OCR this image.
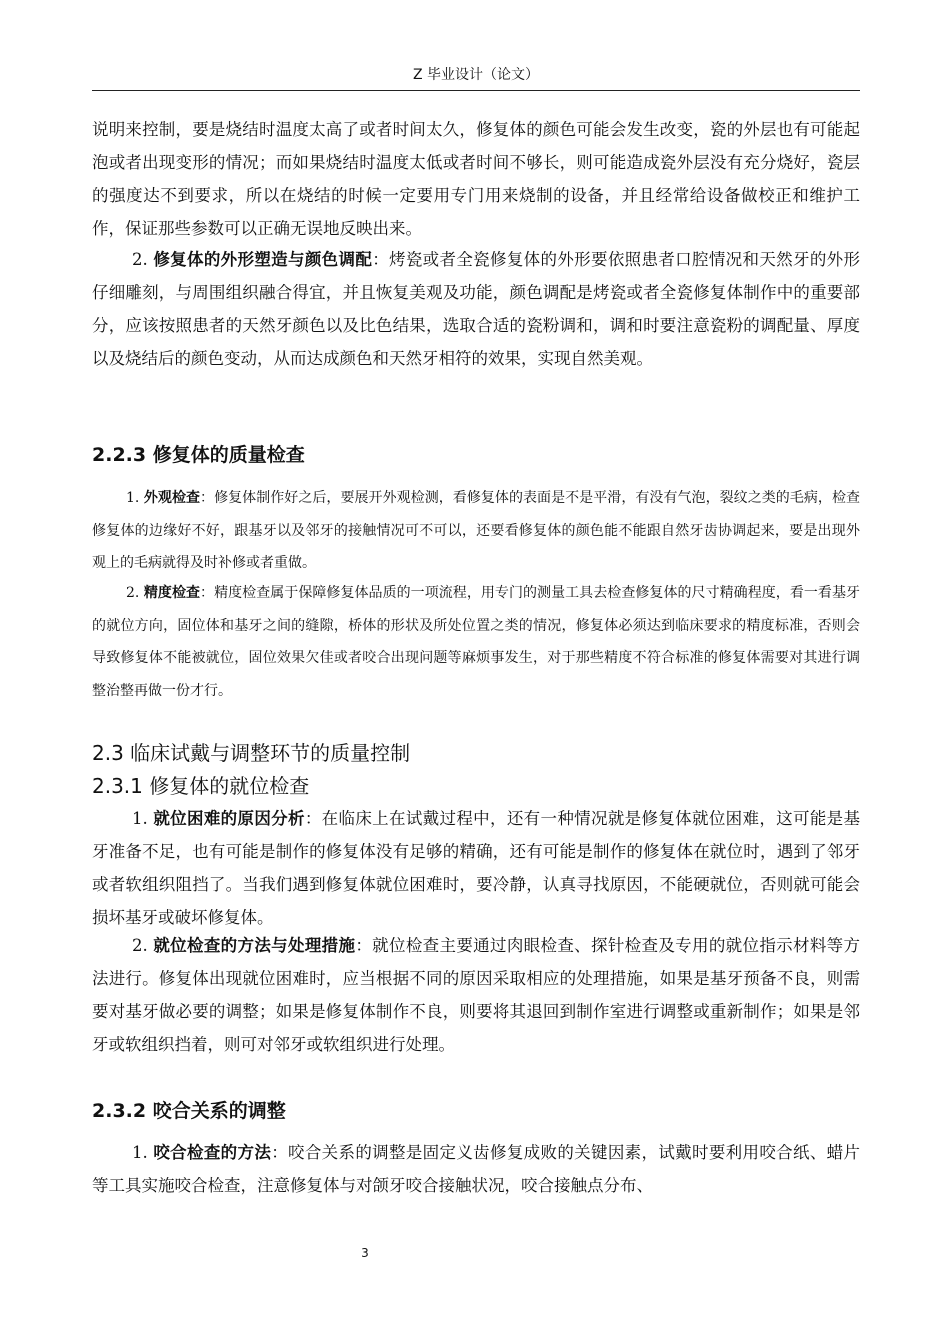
Z 毕业设计（论文）

说明来控制，要是烧结时温度太高了或者时间太久，修复体的颜色可能会发生改变，瓷的外层也有可能起泡或者出现变形的情况；而如果烧结时温度太低或者时间不够长，则可能造成瓷外层没有充分烧好，瓷层的强度达不到要求，所以在烧结的时候一定要用专门用来烧制的设备，并且经常给设备做校正和维护工作，保证那些参数可以正确无误地反映出来。

2. 修复体的外形塑造与颜色调配：烤瓷或者全瓷修复体的外形要依照患者口腔情况和天然牙的外形仔细雕刻，与周围组织融合得宜，并且恢复美观及功能，颜色调配是烤瓷或者全瓷修复体制作中的重要部分，应该按照患者的天然牙颜色以及比色结果，选取合适的瓷粉调和，调和时要注意瓷粉的调配量、厚度以及烧结后的颜色变动，从而达成颜色和天然牙相符的效果，实现自然美观。

2.2.3 修复体的质量检查

1. 外观检查：修复体制作好之后，要展开外观检测，看修复体的表面是不是平滑，有没有气泡，裂纹之类的毛病，检查修复体的边缘好不好，跟基牙以及邻牙的接触情况可不可以，还要看修复体的颜色能不能跟自然牙齿协调起来，要是出现外观上的毛病就得及时补修或者重做。

2. 精度检查：精度检查属于保障修复体品质的一项流程，用专门的测量工具去检查修复体的尺寸精确程度，看一看基牙的就位方向，固位体和基牙之间的缝隙，桥体的形状及所处位置之类的情况，修复体必须达到临床要求的精度标准，否则会导致修复体不能被就位，固位效果欠佳或者咬合出现问题等麻烦事发生，对于那些精度不符合标准的修复体需要对其进行调整治整再做一份才行。

2.3 临床试戴与调整环节的质量控制
2.3.1 修复体的就位检查

1. 就位困难的原因分析：在临床上在试戴过程中，还有一种情况就是修复体就位困难，这可能是基牙准备不足，也有可能是制作的修复体没有足够的精确，还有可能是制作的修复体在就位时，遇到了邻牙或者软组织阻挡了。当我们遇到修复体就位困难时，要冷静，认真寻找原因，不能硬就位，否则就可能会损坏基牙或破坏修复体。

2. 就位检查的方法与处理措施：就位检查主要通过肉眼检查、探针检查及专用的就位指示材料等方法进行。修复体出现就位困难时，应当根据不同的原因采取相应的处理措施，如果是基牙预备不良，则需要对基牙做必要的调整；如果是修复体制作不良，则要将其退回到制作室进行调整或重新制作；如果是邻牙或软组织挡着，则可对邻牙或软组织进行处理。

2.3.2 咬合关系的调整

1. 咬合检查的方法：咬合关系的调整是固定义齿修复成败的关键因素，试戴时要利用咬合纸、蜡片等工具实施咬合检查，注意修复体与对颌牙咬合接触状况，咬合接触点分布、

3
